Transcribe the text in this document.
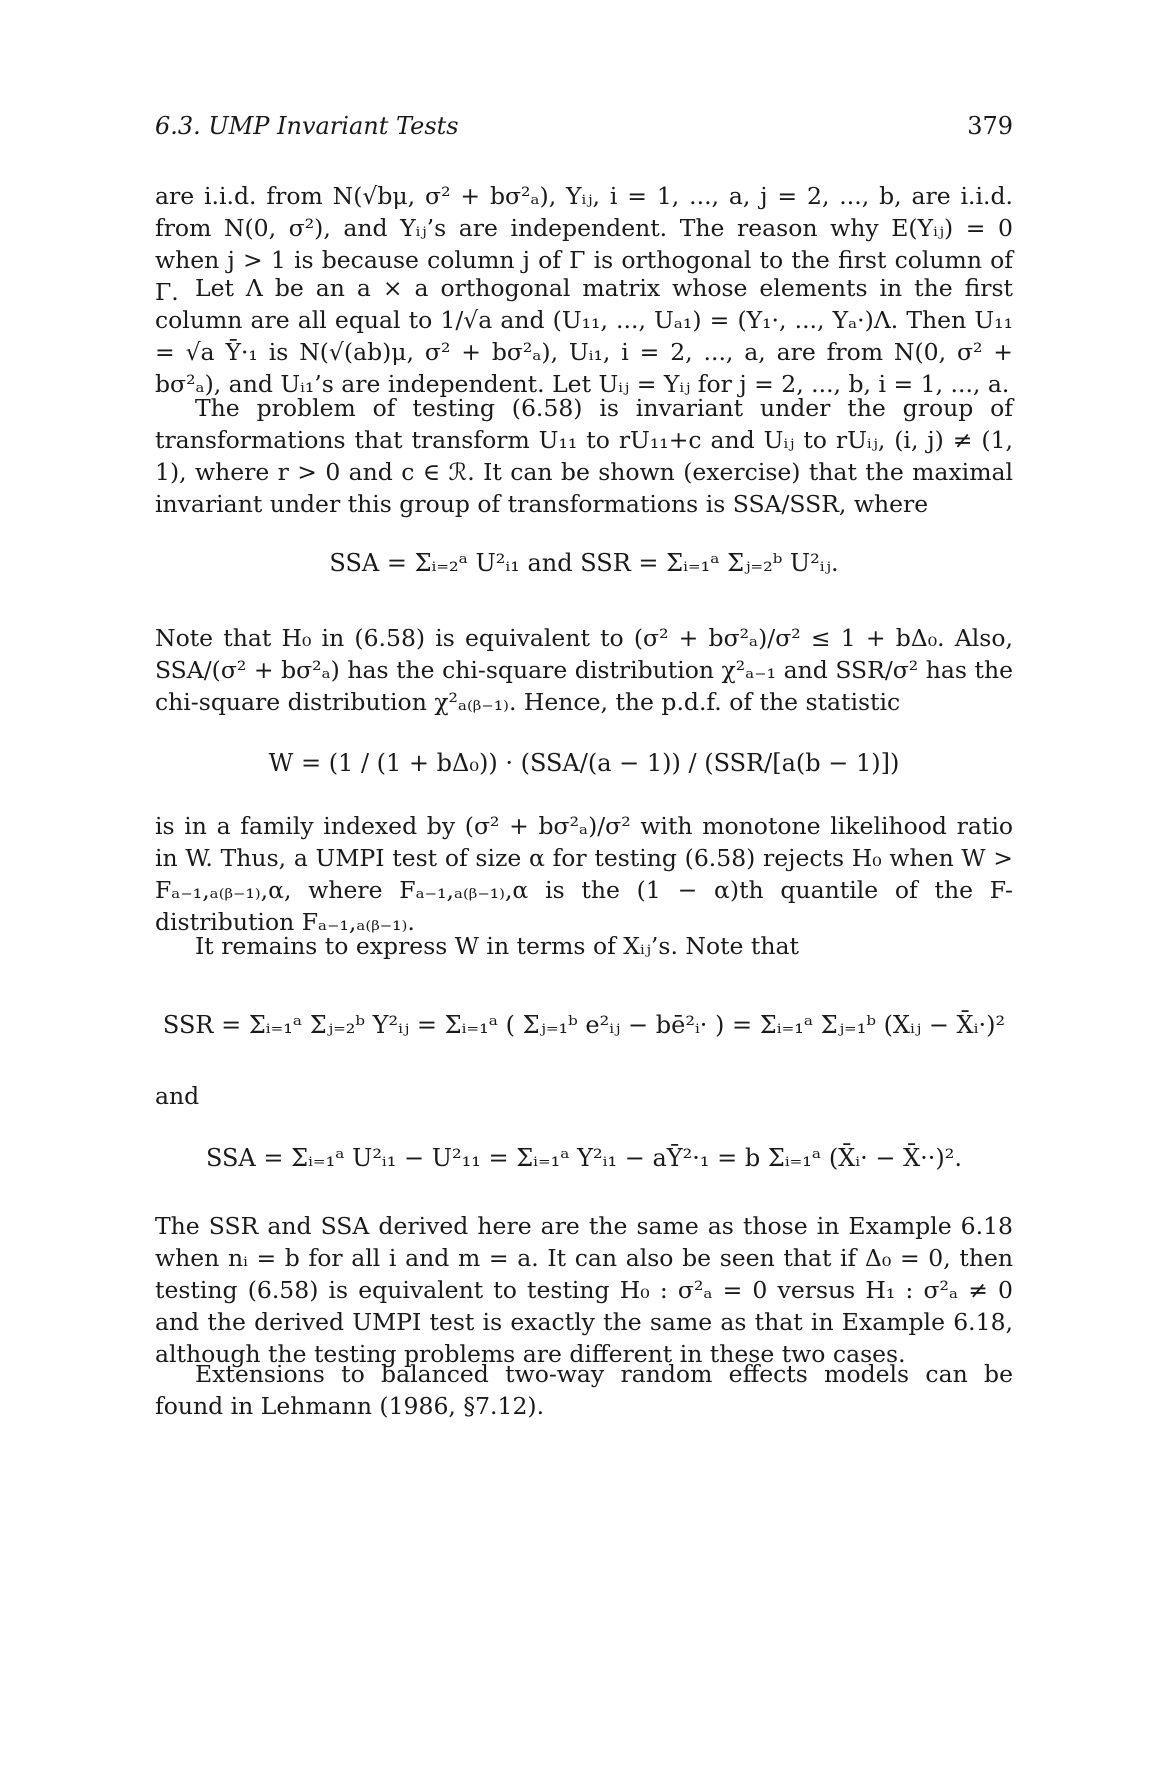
6.3. UMP Invariant Tests	379

are i.i.d. from N(√bμ, σ² + bσ²ₐ), Yᵢⱼ, i = 1, ..., a, j = 2, ..., b, are i.i.d. from N(0, σ²), and Yᵢⱼ’s are independent. The reason why E(Yᵢⱼ) = 0 when j > 1 is because column j of Γ is orthogonal to the first column of Γ. Let Λ be an a × a orthogonal matrix whose elements in the first column are all equal to 1/√a and (U₁₁, ..., Uₐ₁) = (Y₁·, ..., Yₐ·)Λ. Then U₁₁ = √a Ȳ·₁ is N(√(ab)μ, σ² + bσ²ₐ), Uᵢ₁, i = 2, ..., a, are from N(0, σ² + bσ²ₐ), and Uᵢ₁’s are independent. Let Uᵢⱼ = Yᵢⱼ for j = 2, ..., b, i = 1, ..., a.

The problem of testing (6.58) is invariant under the group of transformations that transform U₁₁ to rU₁₁+c and Uᵢⱼ to rUᵢⱼ, (i, j) ≠ (1, 1), where r > 0 and c ∈ ℛ. It can be shown (exercise) that the maximal invariant under this group of transformations is SSA/SSR, where

SSA = Σᵢ₌₂ᵃ U²ᵢ₁ and SSR = Σᵢ₌₁ᵃ Σⱼ₌₂ᵇ U²ᵢⱼ.

Note that H₀ in (6.58) is equivalent to (σ² + bσ²ₐ)/σ² ≤ 1 + bΔ₀. Also, SSA/(σ² + bσ²ₐ) has the chi-square distribution χ²ₐ₋₁ and SSR/σ² has the chi-square distribution χ²ₐ₍ᵦ₋₁₎. Hence, the p.d.f. of the statistic

W = (1 / (1 + bΔ₀)) · (SSA/(a − 1)) / (SSR/[a(b − 1)])

is in a family indexed by (σ² + bσ²ₐ)/σ² with monotone likelihood ratio in W. Thus, a UMPI test of size α for testing (6.58) rejects H₀ when W > Fₐ₋₁,ₐ₍ᵦ₋₁₎,α, where Fₐ₋₁,ₐ₍ᵦ₋₁₎,α is the (1 − α)th quantile of the F-distribution Fₐ₋₁,ₐ₍ᵦ₋₁₎.

It remains to express W in terms of Xᵢⱼ’s. Note that

SSR = Σᵢ₌₁ᵃ Σⱼ₌₂ᵇ Y²ᵢⱼ = Σᵢ₌₁ᵃ ( Σⱼ₌₁ᵇ e²ᵢⱼ − bē²ᵢ· ) = Σᵢ₌₁ᵃ Σⱼ₌₁ᵇ (Xᵢⱼ − X̄ᵢ·)²
and
SSA = Σᵢ₌₁ᵃ U²ᵢ₁ − U²₁₁ = Σᵢ₌₁ᵃ Y²ᵢ₁ − aȲ²·₁ = b Σᵢ₌₁ᵃ (X̄ᵢ· − X̄··)².

The SSR and SSA derived here are the same as those in Example 6.18 when nᵢ = b for all i and m = a. It can also be seen that if Δ₀ = 0, then testing (6.58) is equivalent to testing H₀ : σ²ₐ = 0 versus H₁ : σ²ₐ ≠ 0 and the derived UMPI test is exactly the same as that in Example 6.18, although the testing problems are different in these two cases.

Extensions to balanced two-way random effects models can be found in Lehmann (1986, §7.12).
